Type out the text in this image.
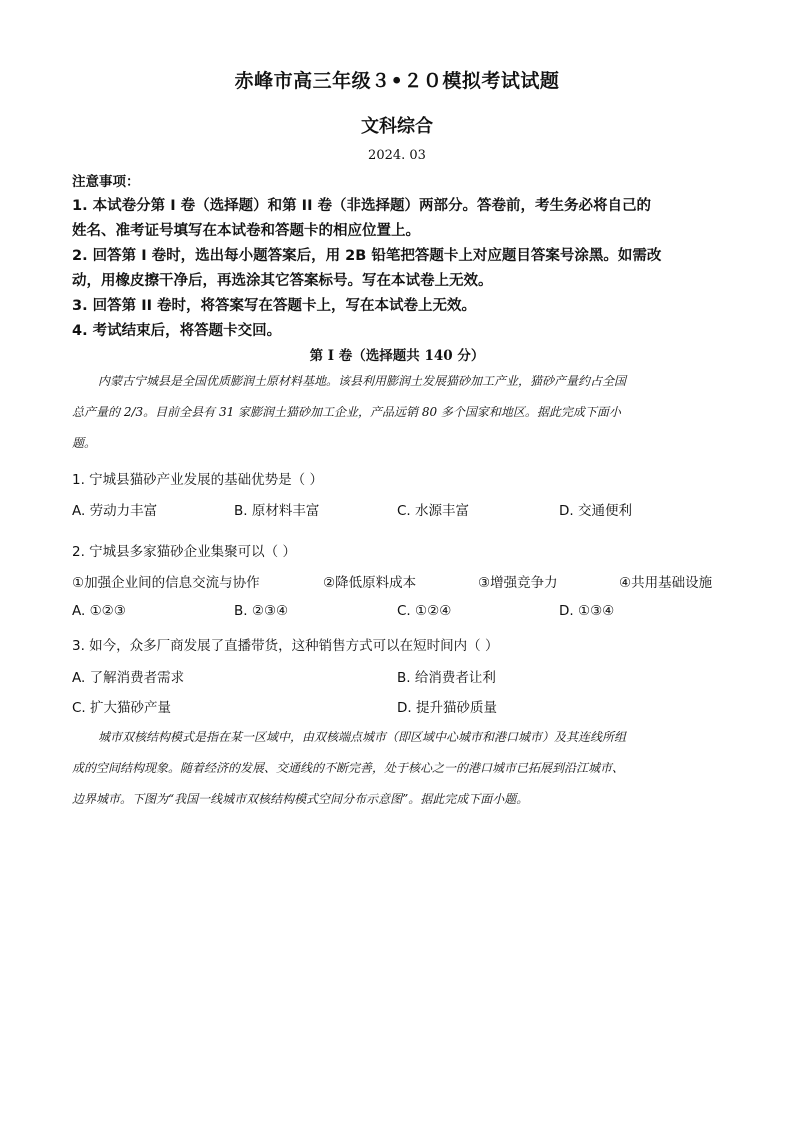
赤峰市高三年级３•２０模拟考试试题
文科综合
2024. 03
注意事项：
1. 本试卷分第 I 卷（选择题）和第 II 卷（非选择题）两部分。答卷前，考生务必将自己的
姓名、准考证号填写在本试卷和答题卡的相应位置上。
2. 回答第 I 卷时，选出每小题答案后，用 2B 铅笔把答题卡上对应题目答案号涂黑。如需改
动，用橡皮擦干净后，再选涂其它答案标号。写在本试卷上无效。
3. 回答第 II 卷时，将答案写在答题卡上，写在本试卷上无效。
4. 考试结束后，将答题卡交回。
第 I 卷（选择题共 140 分）
内蒙古宁城县是全国优质膨润土原材料基地。该县利用膨润土发展猫砂加工产业，猫砂产量约占全国
总产量的 2/3。目前全县有 31 家膨润土猫砂加工企业，产品远销 80 多个国家和地区。据此完成下面小
题。
1. 宁城县猫砂产业发展的基础优势是（ ）
A. 劳动力丰富	B. 原材料丰富	C. 水源丰富	D. 交通便利
2. 宁城县多家猫砂企业集聚可以（ ）
①加强企业间的信息交流与协作	②降低原料成本	③增强竞争力	④共用基础设施
A. ①②③	B. ②③④	C. ①②④	D. ①③④
3. 如今，众多厂商发展了直播带货，这种销售方式可以在短时间内（ ）
A. 了解消费者需求	B. 给消费者让利
C. 扩大猫砂产量	D. 提升猫砂质量
城市双核结构模式是指在某一区域中，由双核端点城市（即区域中心城市和港口城市）及其连线所组
成的空间结构现象。随着经济的发展、交通线的不断完善，处于核心之一的港口城市已拓展到沿江城市、
边界城市。下图为“我国一线城市双核结构模式空间分布示意图”。据此完成下面小题。
